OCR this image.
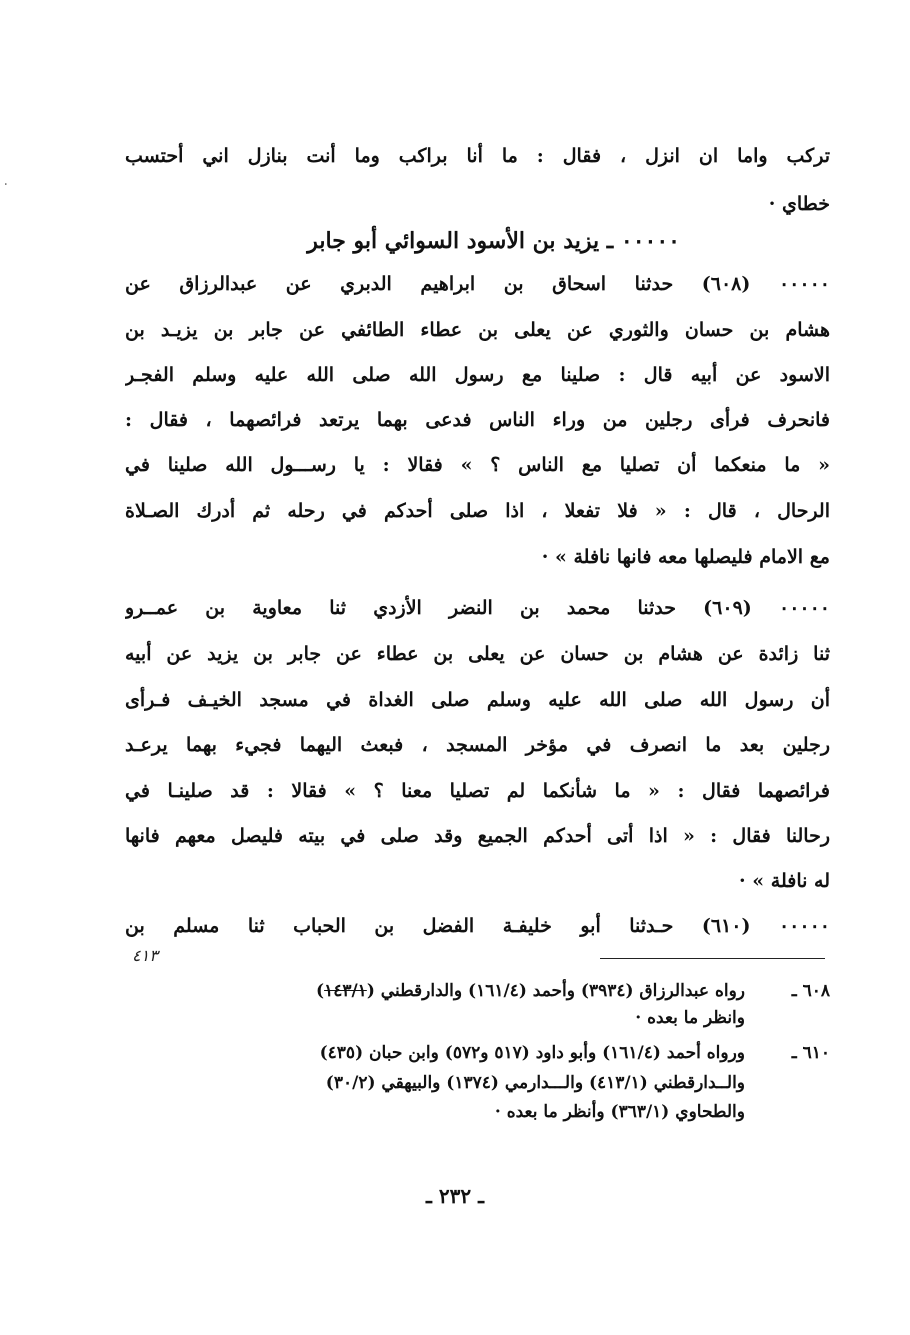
٠
تركب واما ان انزل ، فقال : ما أنا براكب وما أنت بنازل اني أحتسب
خطاي ·
٠٠٠٠٠ ـ يزيد بن الأسود السوائي أبو جابر
٠٠٠٠٠ (٦٠٨) حدثنا اسحاق بن ابراهيم الدبري عن عبدالرزاق عن
هشام بن حسان والثوري عن يعلى بن عطاء الطائفي عن جابر بن يزيـد بن
الاسود عن أبيه قال : صلينا مع رسول الله صلى الله عليه وسلم الفجـر
فانحرف فرأى رجلين من وراء الناس فدعى بهما يرتعد فرائصهما ، فقال :
« ما منعكما أن تصليا مع الناس ؟ » فقالا : يا رســـول الله صلينا في
الرحال ، قال : « فلا تفعلا ، اذا صلى أحدكم في رحله ثم أدرك الصـلاة
مع الامام فليصلها معه فانها نافلة » ·
٠٠٠٠٠ (٦٠٩) حدثنا محمد بن النضر الأزدي ثنا معاوية بن عمــرو
ثنا زائدة عن هشام بن حسان عن يعلى بن عطاء عن جابر بن يزيد عن أبيه
أن رسول الله صلى الله عليه وسلم صلى الغداة في مسجد الخيـف فـرأى
رجلين بعد ما انصرف في مؤخر المسجد ، فبعث اليهما فجيء بهما يرعـد
فرائصهما فقال : « ما شأنكما لم تصليا معنا ؟ » فقالا : قد صلينـا في
رحالنا فقال : « اذا أتى أحدكم الجميع وقد صلى في بيته فليصل معهم فانها
له نافلة » ·
٠٠٠٠٠ (٦١٠) حـدثنا أبو خليفـة الفضل بن الحباب ثنا مسلم بن
٤١٣
٦٠٨ ـ
رواه عبدالرزاق (٣٩٣٤) وأحمد (١٦١/٤) والدارقطني (١٤٣/١)
وانظر ما بعده ·
٦١٠ ـ
ورواه أحمد (١٦١/٤) وأبو داود (٥١٧ و٥٧٢) وابن حبان (٤٣٥)
والــدارقطني (٤١٣/١) والـــدارمي (١٣٧٤) والبيهقي (٣٠/٢)
والطحاوي (٣٦٣/١) وأنظر ما بعده ·
ـ ٢٣٢ ـ
